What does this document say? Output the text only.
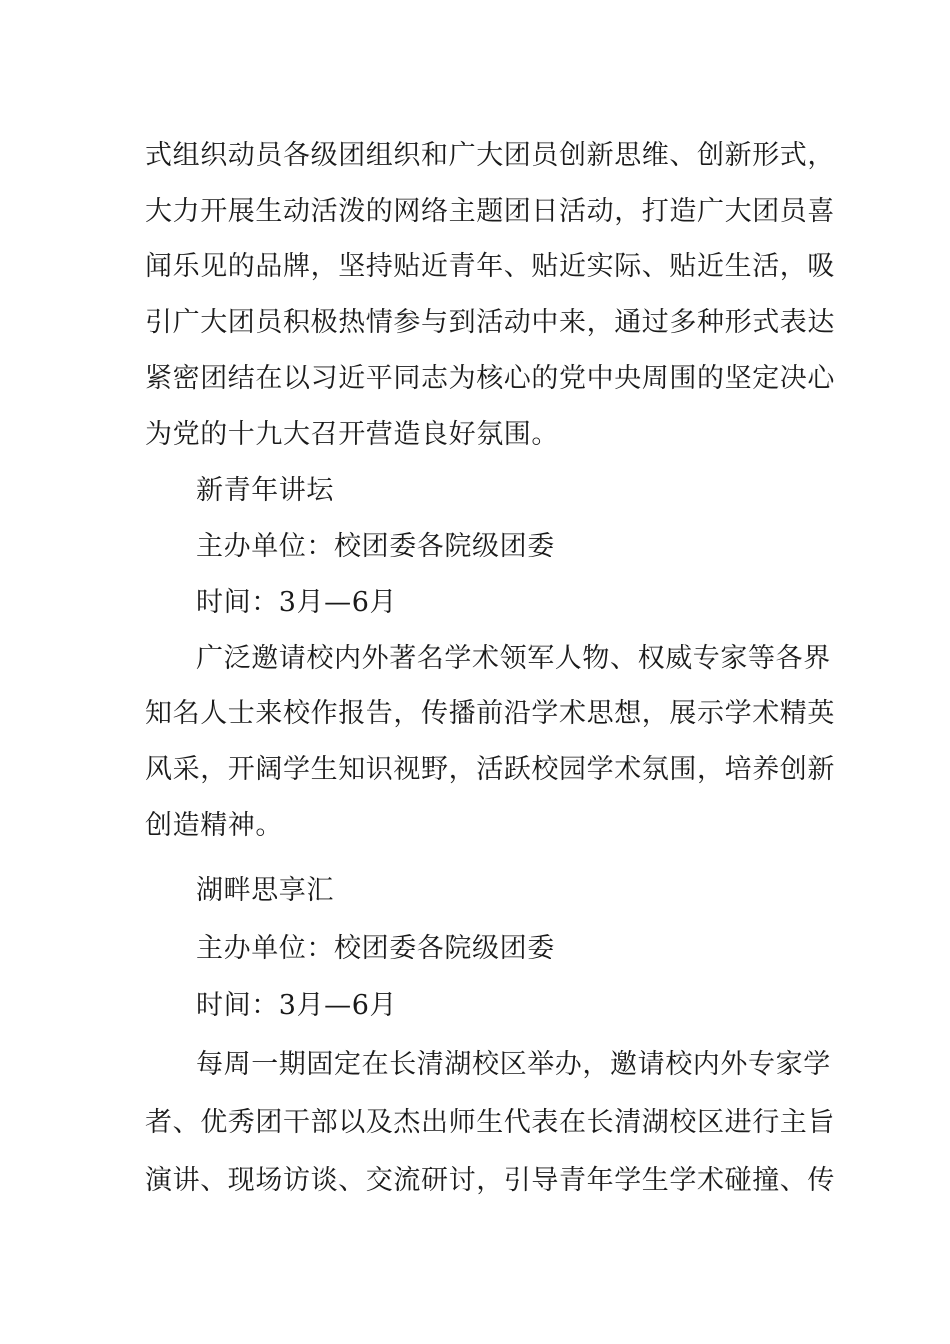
式组织动员各级团组织和广大团员创新思维、创新形式，
大力开展生动活泼的网络主题团日活动，打造广大团员喜
闻乐见的品牌，坚持贴近青年、贴近实际、贴近生活，吸
引广大团员积极热情参与到活动中来，通过多种形式表达
紧密团结在以习近平同志为核心的党中央周围的坚定决心
为党的十九大召开营造良好氛围。
新青年讲坛
主办单位：校团委各院级团委
时间：3月—6月
广泛邀请校内外著名学术领军人物、权威专家等各界
知名人士来校作报告，传播前沿学术思想，展示学术精英
风采，开阔学生知识视野，活跃校园学术氛围，培养创新
创造精神。
湖畔思享汇
主办单位：校团委各院级团委
时间：3月—6月
每周一期固定在长清湖校区举办，邀请校内外专家学
者、优秀团干部以及杰出师生代表在长清湖校区进行主旨
演讲、现场访谈、交流研讨，引导青年学生学术碰撞、传
